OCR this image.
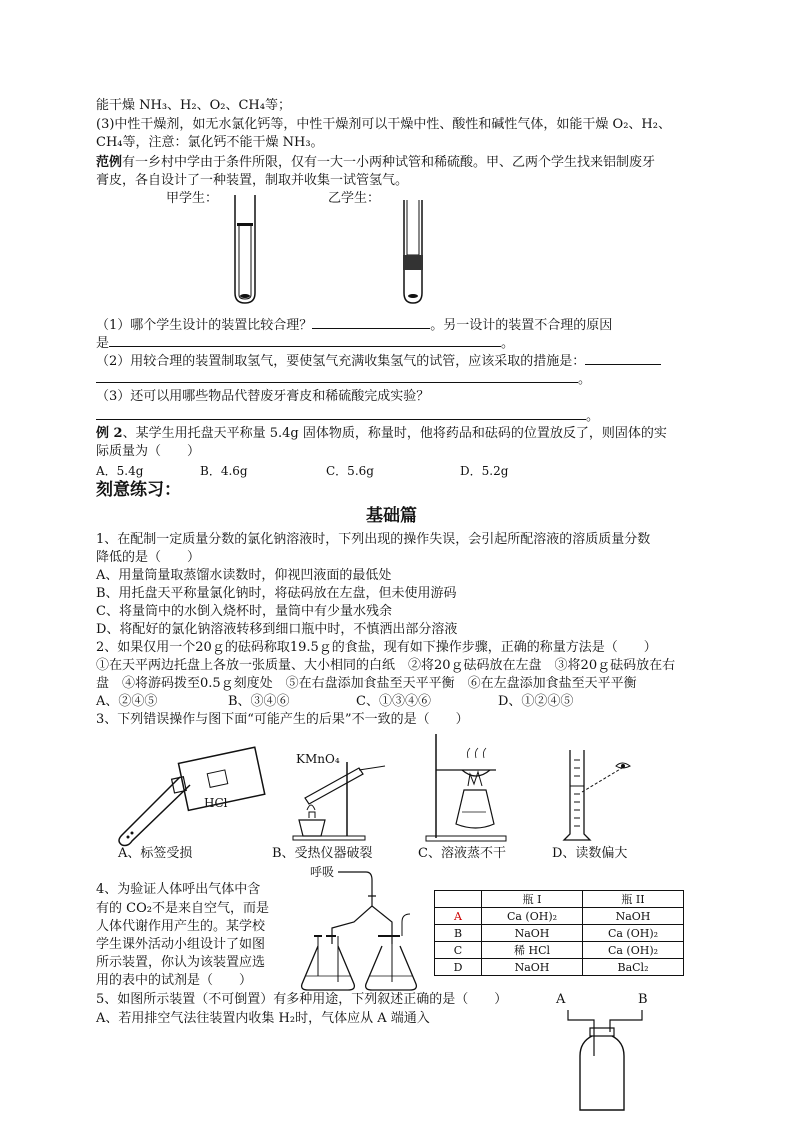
能干燥 NH₃、H₂、O₂、CH₄等；
(3)中性干燥剂，如无水氯化钙等，中性干燥剂可以干燥中性、酸性和碱性气体，如能干燥 O₂、H₂、
CH₄等，注意：氯化钙不能干燥 NH₃。
范例有一乡村中学由于条件所限，仅有一大一小两种试管和稀硫酸。甲、乙两个学生找来铝制废牙
膏皮，各自设计了一种装置，制取并收集一试管氢气。
甲学生：	乙学生：
（1）哪个学生设计的装置比较合理？	。另一设计的装置不合理的原因
是	。
（2）用较合理的装置制取氢气，要使氢气充满收集氢气的试管，应该采取的措施是：
。
（3）还可以用哪些物品代替废牙膏皮和稀硫酸完成实验？
。
例 2、某学生用托盘天平称量 5.4g 固体物质，称量时，他将药品和砝码的位置放反了，则固体的实
际质量为（　　）
A．5.4g	B．4.6g	C．5.6g	D．5.2g
刻意练习：
基础篇
1、在配制一定质量分数的氯化钠溶液时，下列出现的操作失误，会引起所配溶液的溶质质量分数
降低的是（　　）
A、用量筒量取蒸馏水读数时，仰视凹液面的最低处
B、用托盘天平称量氯化钠时，将砝码放在左盘，但未使用游码
C、将量筒中的水倒入烧杯时，量筒中有少量水残余
D、将配好的氯化钠溶液转移到细口瓶中时，不慎洒出部分溶液
2、如果仅用一个20ｇ的砝码称取19.5ｇ的食盐，现有如下操作步骤，正确的称量方法是（　　）
①在天平两边托盘上各放一张质量、大小相同的白纸　②将20ｇ砝码放在左盘　③将20ｇ砝码放在右
盘　④将游码拨至0.5ｇ刻度处　⑤在右盘添加食盐至天平平衡　⑥在左盘添加食盐至天平平衡
A、②④⑤	B、③④⑥	C、①③④⑥	D、①②④⑤
3、下列错误操作与图下面“可能产生的后果”不一致的是（　　）
HCl
KMnO₄
A、标签受损	B、受热仪器破裂	C、溶液蒸不干	D、读数偏大
4、为验证人体呼出气体中含
有的 CO₂不是来自空气，而是
人体代谢作用产生的。某学校
学生课外活动小组设计了如图
所示装置，你认为该装置应选
用的表中的试剂是（　　）
呼吸
	瓶 I	瓶 II
A	Ca (OH)₂	NaOH
B	NaOH	Ca (OH)₂
C	稀 HCl	Ca (OH)₂
D	NaOH	BaCl₂
5、如图所示装置（不可倒置）有多种用途，下列叙述正确的是（　　）
A、若用排空气法往装置内收集 H₂时，气体应从 A 端通入
A	B
